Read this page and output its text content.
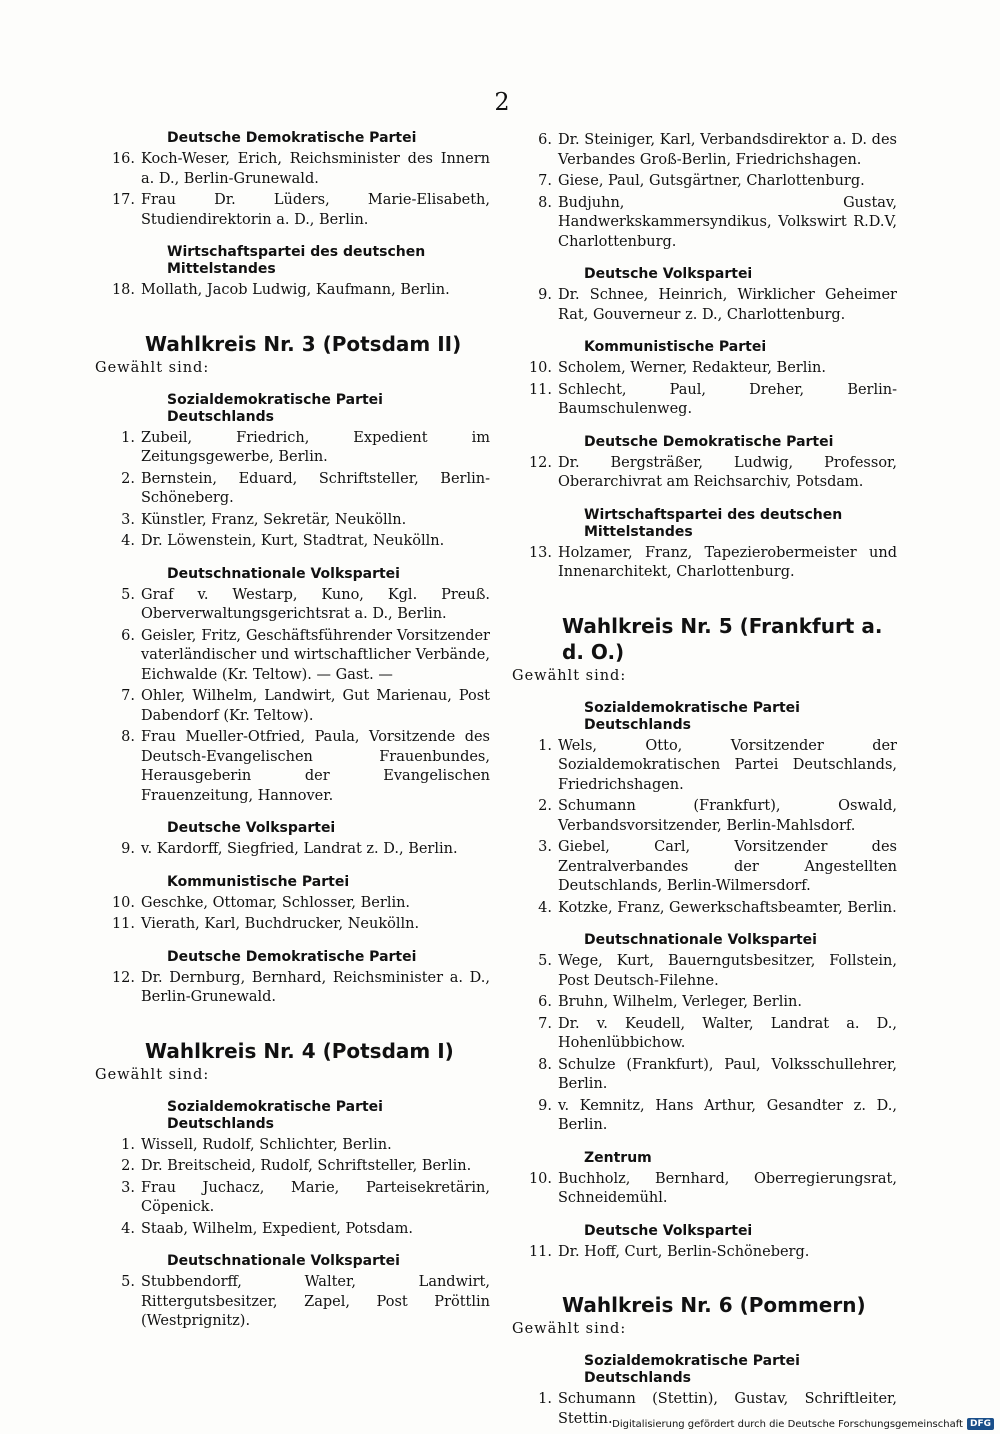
2
Deutsche Demokratische Partei
16. Koch-Weser, Erich, Reichsminister des Innern a. D., Berlin-Grunewald.
17. Frau Dr. Lüders, Marie-Elisabeth, Studiendirektorin a. D., Berlin.
Wirtschaftspartei des deutschen Mittelstandes
18. Mollath, Jacob Ludwig, Kaufmann, Berlin.
Wahlkreis Nr. 3 (Potsdam II)
Gewählt sind:
Sozialdemokratische Partei Deutschlands
1. Zubeil, Friedrich, Expedient im Zeitungsgewerbe, Berlin.
2. Bernstein, Eduard, Schriftsteller, Berlin-Schöneberg.
3. Künstler, Franz, Sekretär, Neukölln.
4. Dr. Löwenstein, Kurt, Stadtrat, Neukölln.
Deutschnationale Volkspartei
5. Graf v. Westarp, Kuno, Kgl. Preuß. Oberverwaltungsgerichtsrat a. D., Berlin.
6. Geisler, Fritz, Geschäftsführender Vorsitzender vaterländischer und wirtschaftlicher Verbände, Eichwalde (Kr. Teltow). — Gast. —
7. Ohler, Wilhelm, Landwirt, Gut Marienau, Post Dabendorf (Kr. Teltow).
8. Frau Mueller-Otfried, Paula, Vorsitzende des Deutsch-Evangelischen Frauenbundes, Herausgeberin der Evangelischen Frauenzeitung, Hannover.
Deutsche Volkspartei
9. v. Kardorff, Siegfried, Landrat z. D., Berlin.
Kommunistische Partei
10. Geschke, Ottomar, Schlosser, Berlin.
11. Vierath, Karl, Buchdrucker, Neukölln.
Deutsche Demokratische Partei
12. Dr. Dernburg, Bernhard, Reichsminister a. D., Berlin-Grunewald.
Wahlkreis Nr. 4 (Potsdam I)
Gewählt sind:
Sozialdemokratische Partei Deutschlands
1. Wissell, Rudolf, Schlichter, Berlin.
2. Dr. Breitscheid, Rudolf, Schriftsteller, Berlin.
3. Frau Juchacz, Marie, Parteisekretärin, Cöpenick.
4. Staab, Wilhelm, Expedient, Potsdam.
Deutschnationale Volkspartei
5. Stubbendorff, Walter, Landwirt, Rittergutsbesitzer, Zapel, Post Pröttlin (Westprignitz).
6. Dr. Steiniger, Karl, Verbandsdirektor a. D. des Verbandes Groß-Berlin, Friedrichshagen.
7. Giese, Paul, Gutsgärtner, Charlottenburg.
8. Budjuhn, Gustav, Handwerkskammersyndikus, Volkswirt R.D.V, Charlottenburg.
Deutsche Volkspartei
9. Dr. Schnee, Heinrich, Wirklicher Geheimer Rat, Gouverneur z. D., Charlottenburg.
Kommunistische Partei
10. Scholem, Werner, Redakteur, Berlin.
11. Schlecht, Paul, Dreher, Berlin-Baumschulenweg.
Deutsche Demokratische Partei
12. Dr. Bergsträßer, Ludwig, Professor, Oberarchivrat am Reichsarchiv, Potsdam.
Wirtschaftspartei des deutschen Mittelstandes
13. Holzamer, Franz, Tapezierobermeister und Innenarchitekt, Charlottenburg.
Wahlkreis Nr. 5 (Frankfurt a. d. O.)
Gewählt sind:
Sozialdemokratische Partei Deutschlands
1. Wels, Otto, Vorsitzender der Sozialdemokratischen Partei Deutschlands, Friedrichshagen.
2. Schumann (Frankfurt), Oswald, Verbandsvorsitzender, Berlin-Mahlsdorf.
3. Giebel, Carl, Vorsitzender des Zentralverbandes der Angestellten Deutschlands, Berlin-Wilmersdorf.
4. Kotzke, Franz, Gewerkschaftsbeamter, Berlin.
Deutschnationale Volkspartei
5. Wege, Kurt, Bauerngutsbesitzer, Follstein, Post Deutsch-Filehne.
6. Bruhn, Wilhelm, Verleger, Berlin.
7. Dr. v. Keudell, Walter, Landrat a. D., Hohenlübbichow.
8. Schulze (Frankfurt), Paul, Volksschullehrer, Berlin.
9. v. Kemnitz, Hans Arthur, Gesandter z. D., Berlin.
Zentrum
10. Buchholz, Bernhard, Oberregierungsrat, Schneidemühl.
Deutsche Volkspartei
11. Dr. Hoff, Curt, Berlin-Schöneberg.
Wahlkreis Nr. 6 (Pommern)
Gewählt sind:
Sozialdemokratische Partei Deutschlands
1. Schumann (Stettin), Gustav, Schriftleiter, Stettin. Digitalisierung gefördert durch die Deutsche Forschungsgemeinschaft DFG
